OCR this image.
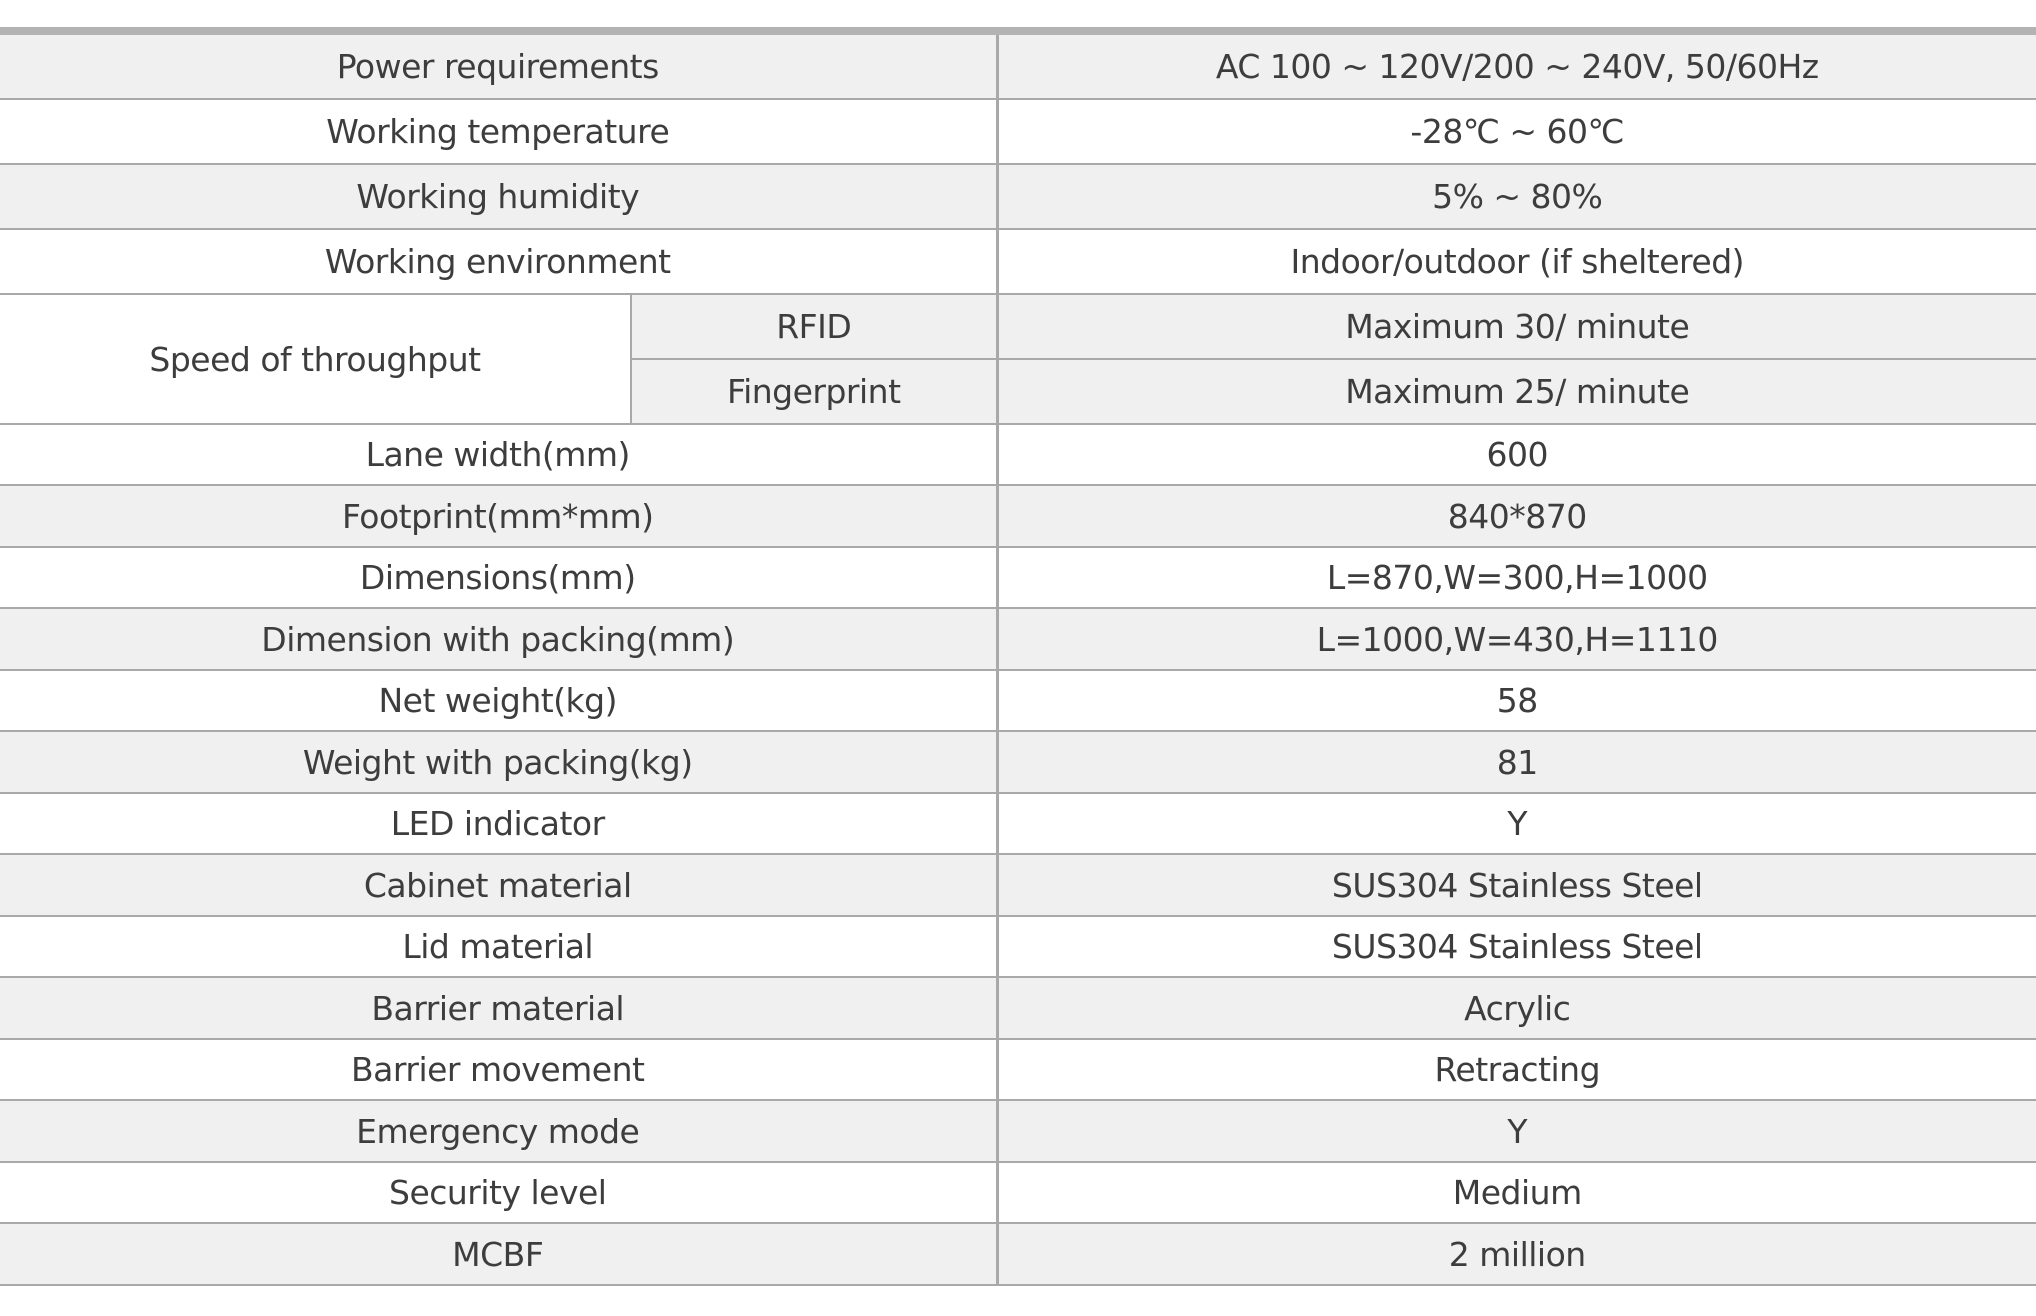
Power requirements		AC 100 ~ 120V/200 ~ 240V, 50/60Hz
Working temperature		-28℃ ~ 60℃
Working humidity		5% ~ 80%
Working environment		Indoor/outdoor (if sheltered)
Speed of throughput	RFID	Maximum 30/ minute
	Fingerprint	Maximum 25/ minute
Lane width(mm)		600
Footprint(mm*mm)		840*870
Dimensions(mm)		L=870,W=300,H=1000
Dimension with packing(mm)		L=1000,W=430,H=1110
Net weight(kg)		58
Weight with packing(kg)		81
LED indicator		Y
Cabinet material		SUS304 Stainless Steel
Lid material		SUS304 Stainless Steel
Barrier material		Acrylic
Barrier movement		Retracting
Emergency mode		Y
Security level		Medium
MCBF		2 million
